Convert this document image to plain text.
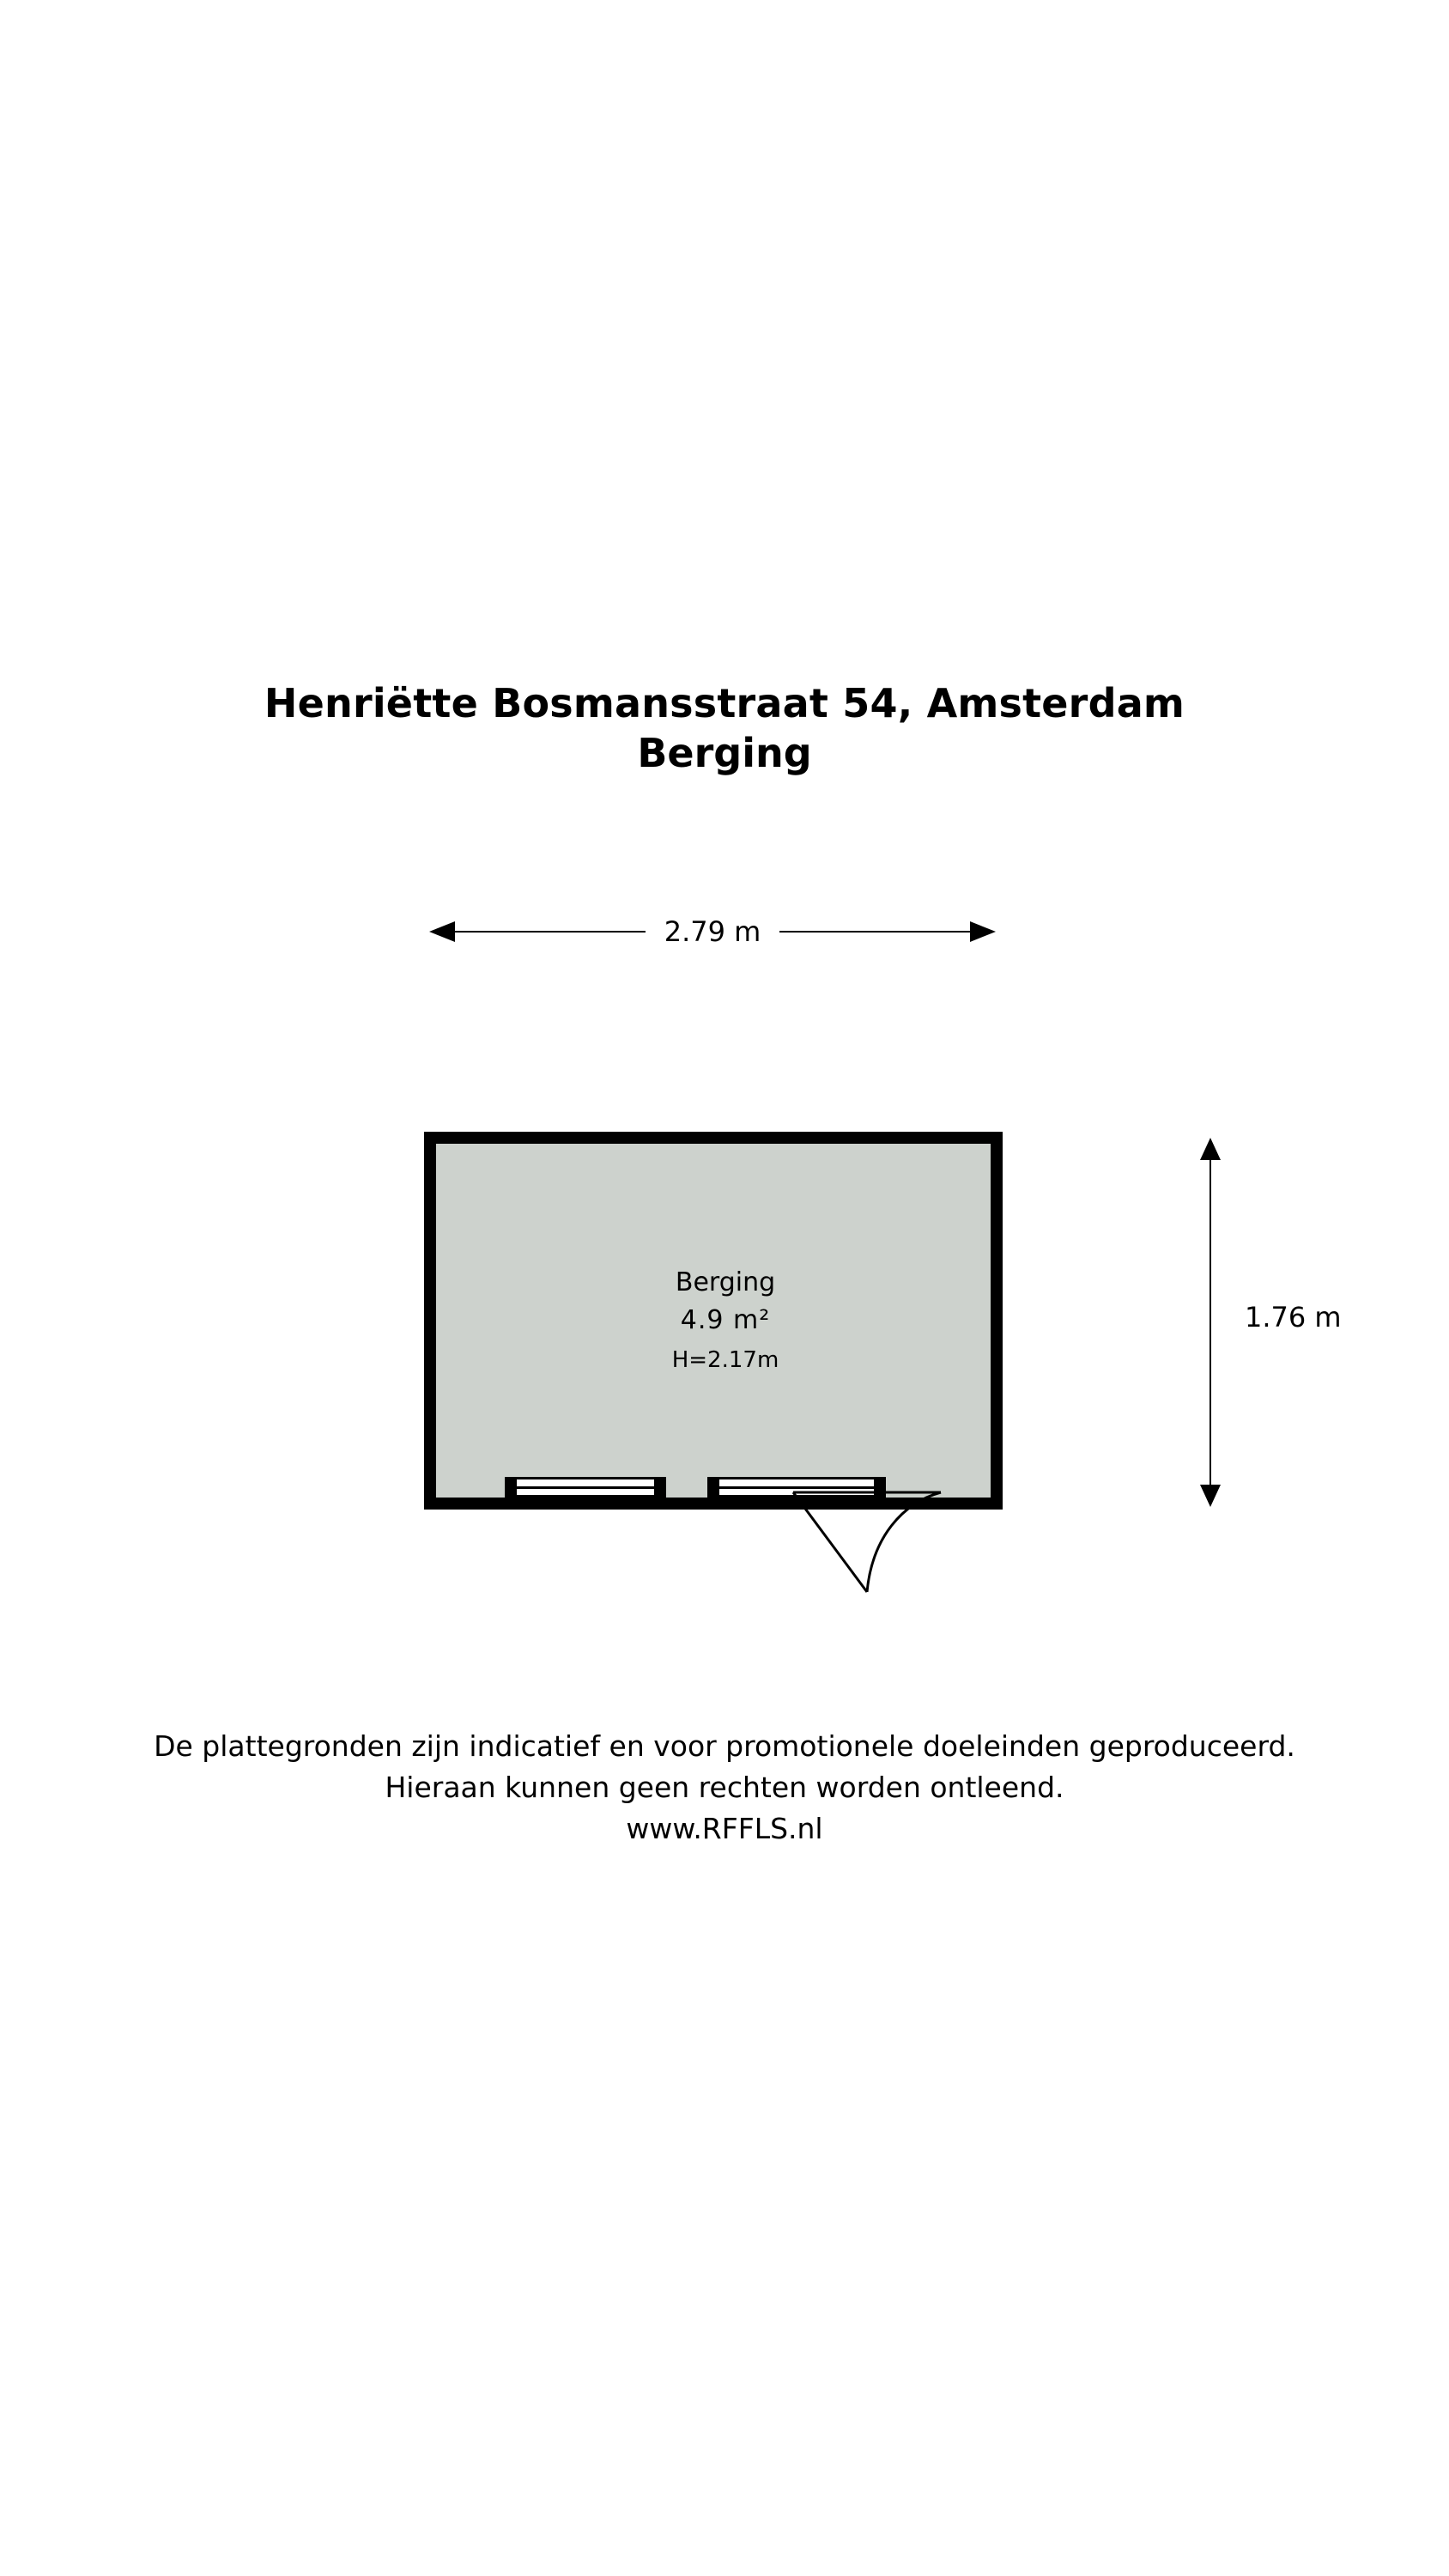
Henriëtte Bosmansstraat 54, Amsterdam
Berging
2.79 m
1.76 m
Berging
4.9 m²
H=2.17m
De plattegronden zijn indicatief en voor promotionele doeleinden geproduceerd.
Hieraan kunnen geen rechten worden ontleend.
www.RFFLS.nl
